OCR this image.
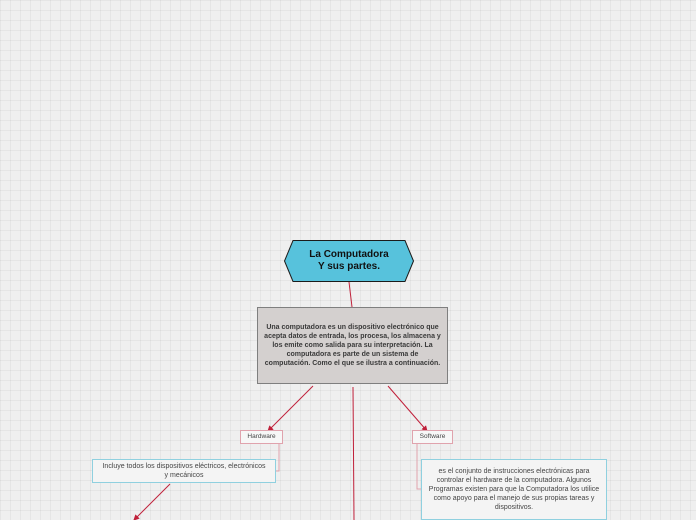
La Computadora
Y sus partes.
Una computadora es un dispositivo electrónico que acepta datos de entrada, los procesa, los almacena y los emite como salida para su interpretación. La computadora es parte de un sistema de computación. Como el que se ilustra a continuación.
Hardware	Software
Incluye todos los dispositivos eléctricos, electrónicos y mecánicos
es el conjunto de instrucciones electrónicas para controlar el hardware de la computadora. Algunos Programas existen para que la Computadora los utilice como apoyo para el manejo de sus propias tareas y dispositivos.
